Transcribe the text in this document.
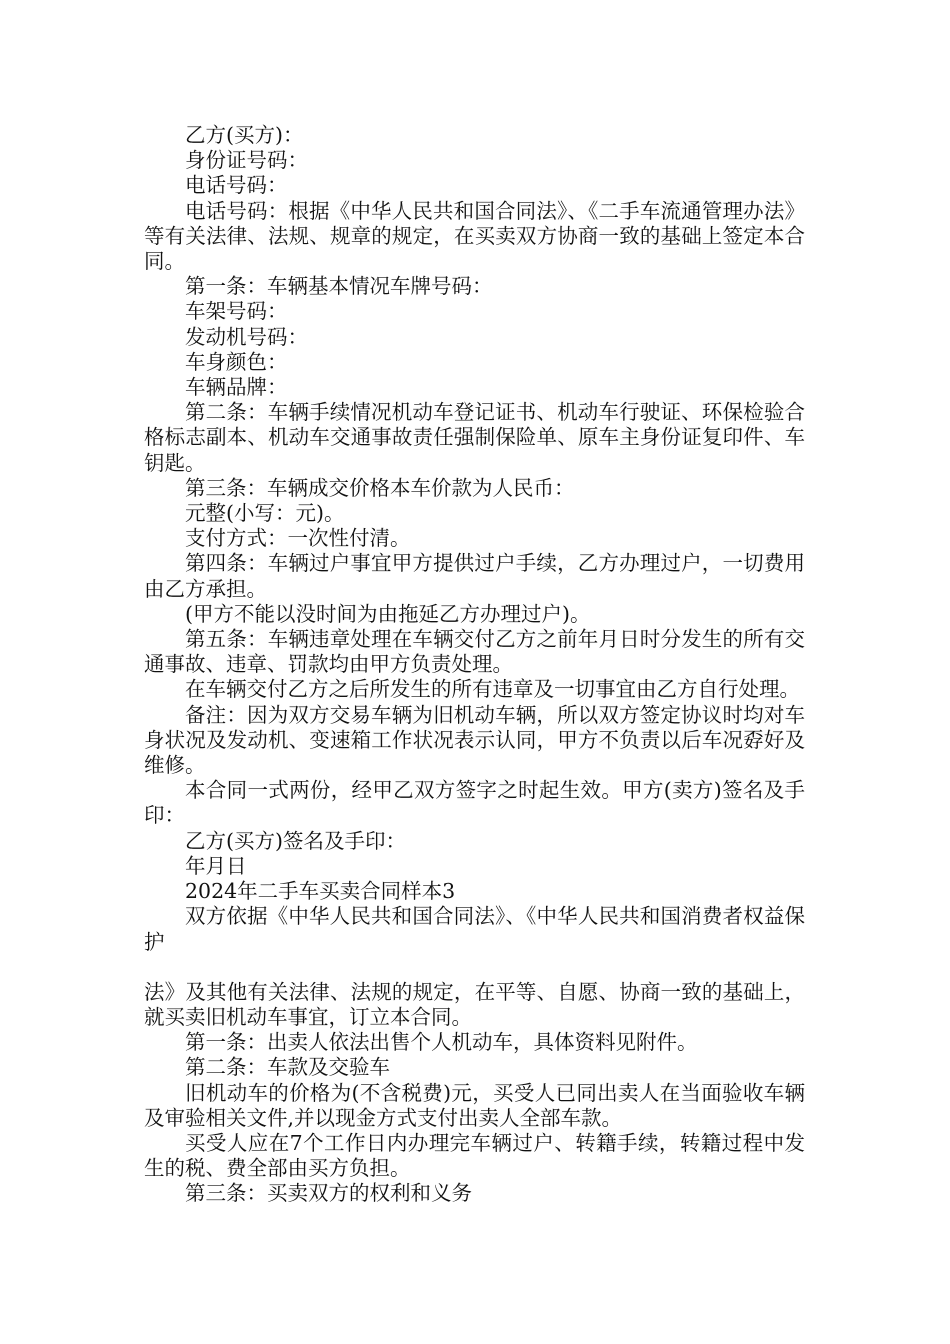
乙方(买方)：

身份证号码：

电话号码：

电话号码：根据《中华人民共和国合同法》、《二手车流通管理办法》等有关法律、法规、规章的规定，在买卖双方协商一致的基础上签定本合同。

第一条：车辆基本情况车牌号码：

车架号码：

发动机号码：

车身颜色：

车辆品牌：

第二条：车辆手续情况机动车登记证书、机动车行驶证、环保检验合格标志副本、机动车交通事故责任强制保险单、原车主身份证复印件、车钥匙。

第三条：车辆成交价格本车价款为人民币：

元整(小写：元)。

支付方式：一次性付清。

第四条：车辆过户事宜甲方提供过户手续，乙方办理过户，一切费用由乙方承担。

(甲方不能以没时间为由拖延乙方办理过户)。

第五条：车辆违章处理在车辆交付乙方之前年月日时分发生的所有交通事故、违章、罚款均由甲方负责处理。

在车辆交付乙方之后所发生的所有违章及一切事宜由乙方自行处理。

备注：因为双方交易车辆为旧机动车辆，所以双方签定协议时均对车身状况及发动机、变速箱工作状况表示认同，甲方不负责以后车况孬好及维修。

本合同一式两份，经甲乙双方签字之时起生效。甲方(卖方)签名及手印：

乙方(买方)签名及手印：

年月日

2024年二手车买卖合同样本3

双方依据《中华人民共和国合同法》、《中华人民共和国消费者权益保护

法》及其他有关法律、法规的规定，在平等、自愿、协商一致的基础上，就买卖旧机动车事宜，订立本合同。

第一条：出卖人依法出售个人机动车，具体资料见附件。

第二条：车款及交验车

旧机动车的价格为(不含税费)元，买受人已同出卖人在当面验收车辆及审验相关文件,并以现金方式支付出卖人全部车款。

买受人应在7个工作日内办理完车辆过户、转籍手续，转籍过程中发生的税、费全部由买方负担。

第三条：买卖双方的权利和义务
